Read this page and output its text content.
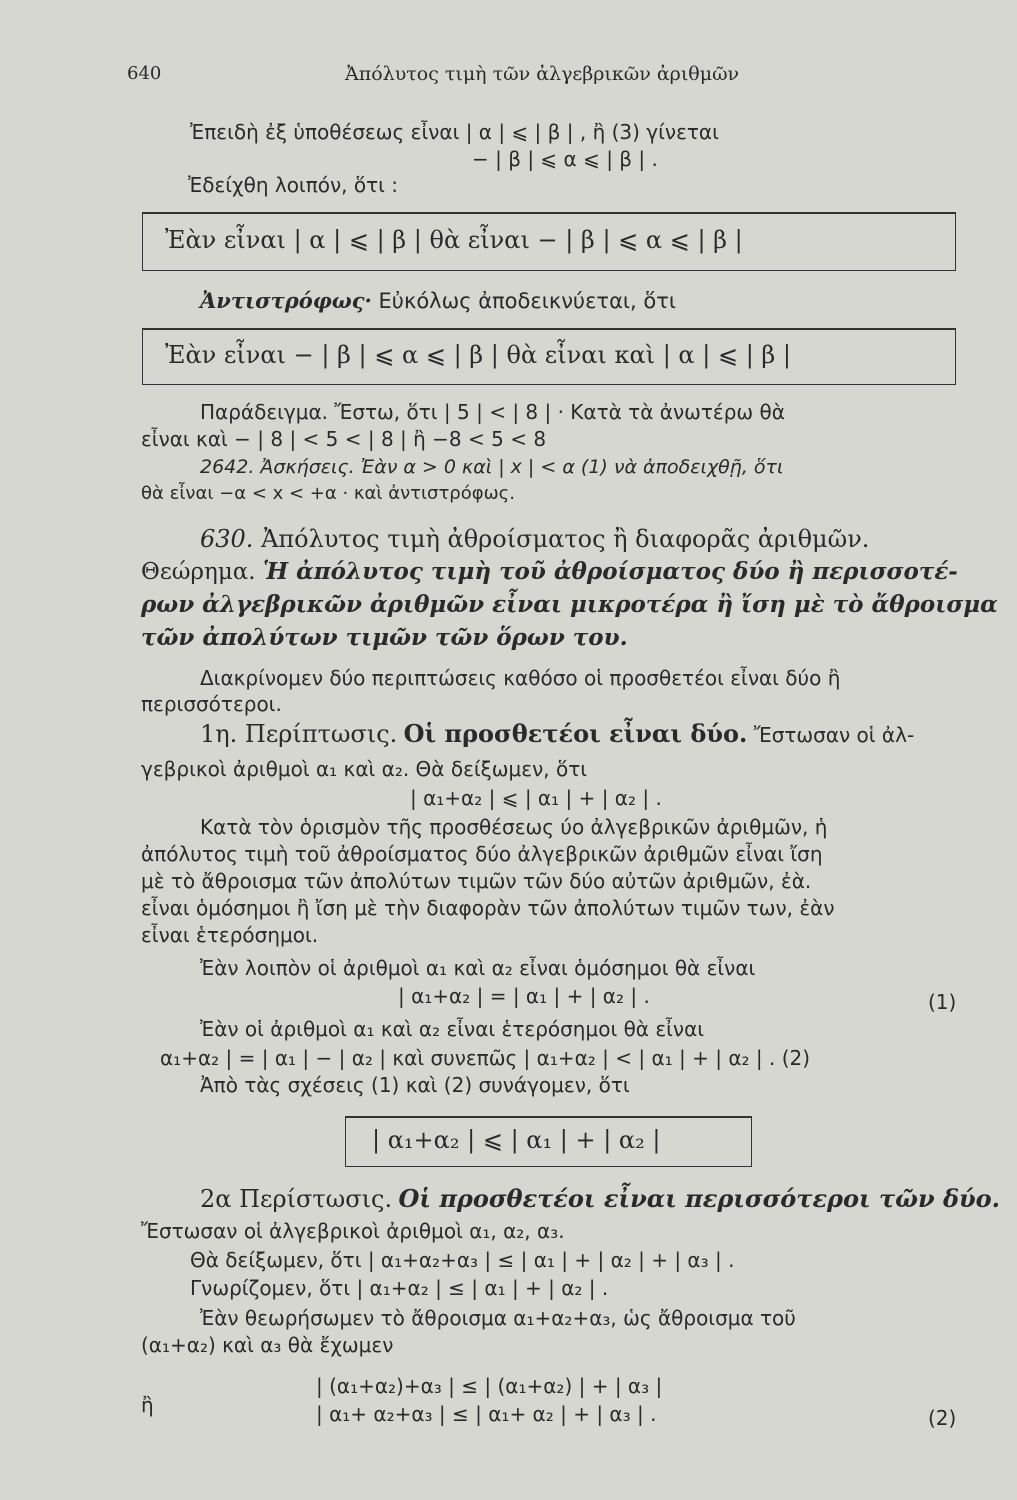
640	Ἀπόλυτος τιμὴ τῶν ἀλγεβρικῶν ἀριθμῶν
Ἐπειδὴ ἐξ ὑποθέσεως εἶναι | α | ⩽ | β | , ἢ (3) γίνεται
− | β | ⩽ α ⩽ | β | .
Ἐδείχθη λοιπόν, ὅτι :
Ἐὰν εἶναι | α | ⩽ | β | θὰ εἶναι − | β | ⩽ α ⩽ | β |
Ἀντιστρόφως· Εὐκόλως ἀποδεικνύεται, ὅτι
Ἐὰν εἶναι − | β | ⩽ α ⩽ | β | θὰ εἶναι καὶ | α | ⩽ | β |
Παράδειγμα. Ἔστω, ὅτι | 5 | < | 8 | · Κατὰ τὰ ἀνωτέρω θὰ
εἶναι καὶ − | 8 | < 5 < | 8 | ἢ −8 < 5 < 8
2642. Ἀσκήσεις. Ἐὰν α > 0 καὶ | x | < α (1) νὰ ἀποδειχθῇ, ὅτι
θὰ εἶναι −α < x < +α · καὶ ἀντιστρόφως.
630. Ἀπόλυτος τιμὴ ἀθροίσματος ἢ διαφορᾶς ἀριθμῶν.
Θεώρημα. Ἡ ἀπόλυτος τιμὴ τοῦ ἀθροίσματος δύο ἢ περισσοτέ-
ρων ἀλγεβρικῶν ἀριθμῶν εἶναι μικροτέρα ἢ ἴση μὲ τὸ ἄθροισμα
τῶν ἀπολύτων τιμῶν τῶν ὅρων του.
Διακρίνομεν δύο περιπτώσεις καθόσο οἱ προσθετέοι εἶναι δύο ἢ
περισσότεροι.
1η. Περίπτωσις. Οἱ προσθετέοι εἶναι δύο. Ἔστωσαν οἱ ἀλ-
γεβρικοὶ ἀριθμοὶ α₁ καὶ α₂. Θὰ δείξωμεν, ὅτι
| α₁+α₂ | ⩽ | α₁ | + | α₂ | .
Κατὰ τὸν ὁρισμὸν τῆς προσθέσεως ύο ἀλγεβρικῶν ἀριθμῶν, ἡ
ἀπόλυτος τιμὴ τοῦ ἀθροίσματος δύο ἀλγεβρικῶν ἀριθμῶν εἶναι ἴση
μὲ τὸ ἄθροισμα τῶν ἀπολύτων τιμῶν τῶν δύο αὐτῶν ἀριθμῶν, ἐὰ.
εἶναι ὁμόσημοι ἢ ἴση μὲ τὴν διαφορὰν τῶν ἀπολύτων τιμῶν των, ἐὰν
εἶναι ἑτερόσημοι.
Ἐὰν λοιπὸν οἱ ἀριθμοὶ α₁ καὶ α₂ εἶναι ὁμόσημοι θὰ εἶναι
| α₁+α₂ | = | α₁ | + | α₂ | .	(1)
Ἐὰν οἱ ἀριθμοὶ α₁ καὶ α₂ εἶναι ἑτερόσημοι θὰ εἶναι
α₁+α₂ | = | α₁ | − | α₂ | καὶ συνεπῶς | α₁+α₂ | < | α₁ | + | α₂ | . (2)
Ἀπὸ τὰς σχέσεις (1) καὶ (2) συνάγομεν, ὅτι
| α₁+α₂ | ⩽ | α₁ | + | α₂ |
2α Περίστωσις. Οἱ προσθετέοι εἶναι περισσότεροι τῶν δύο.
Ἔστωσαν οἱ ἀλγεβρικοὶ ἀριθμοὶ α₁, α₂, α₃.
Θὰ δείξωμεν, ὅτι | α₁+α₂+α₃ | ≤ | α₁ | + | α₂ | + | α₃ | .
Γνωρίζομεν, ὅτι | α₁+α₂ | ≤ | α₁ | + | α₂ | .
Ἐὰν θεωρήσωμεν τὸ ἄθροισμα α₁+α₂+α₃, ὡς ἄθροισμα τοῦ
(α₁+α₂) καὶ α₃ θὰ ἔχωμεν
| (α₁+α₂)+α₃ | ≤ | (α₁+α₂) | + | α₃ |
ἢ	| α₁+ α₂+α₃ | ≤ | α₁+ α₂ | + | α₃ | .	(2)
